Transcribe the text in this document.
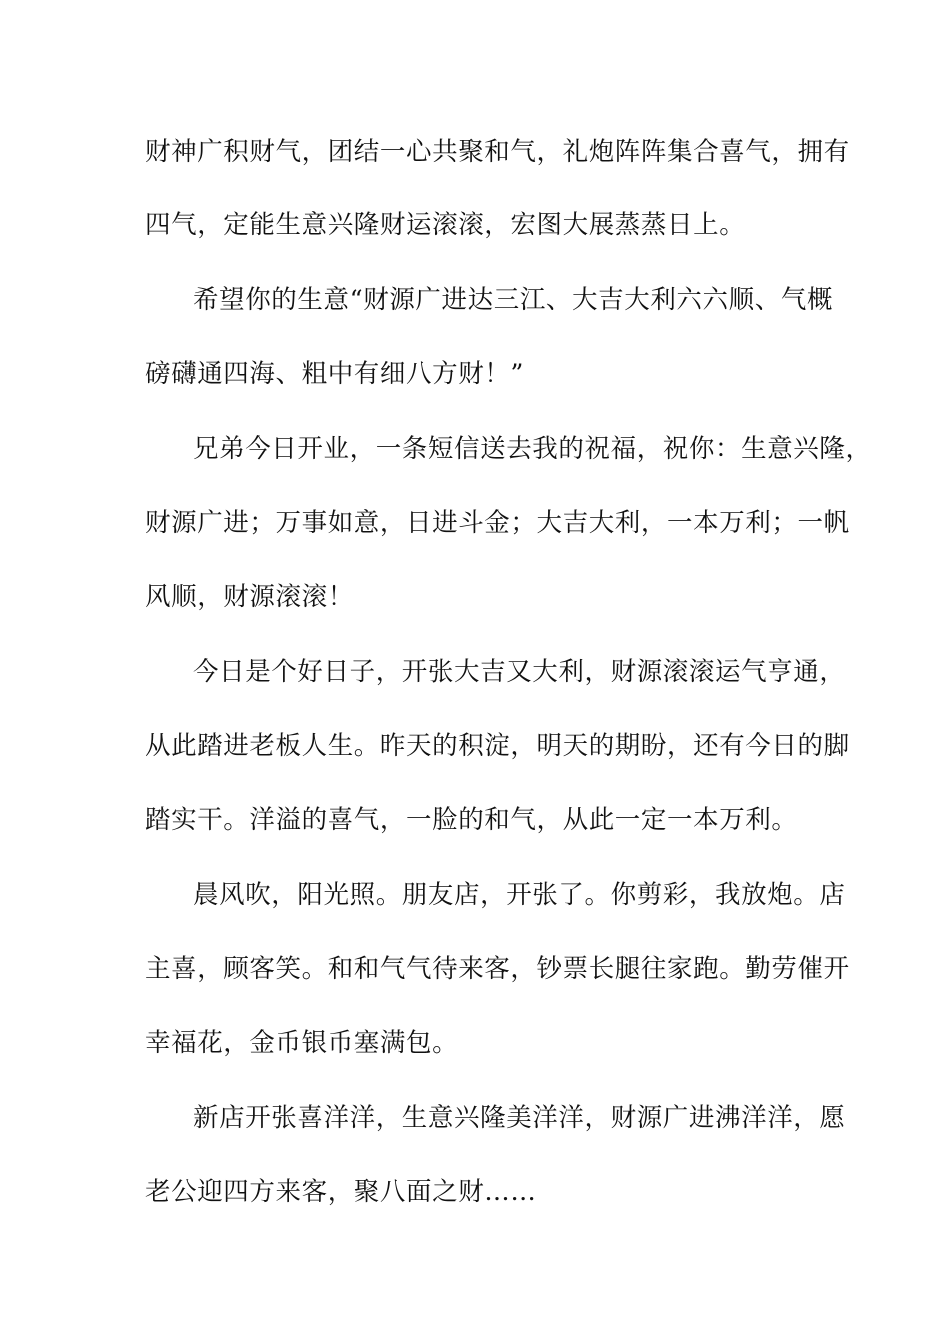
财神广积财气，团结一心共聚和气，礼炮阵阵集合喜气，拥有
四气，定能生意兴隆财运滚滚，宏图大展蒸蒸日上。
希望你的生意“财源广进达三江、大吉大利六六顺、气概
磅礴通四海、粗中有细八方财！”
兄弟今日开业，一条短信送去我的祝福，祝你：生意兴隆，
财源广进；万事如意，日进斗金；大吉大利，一本万利；一帆
风顺，财源滚滚！
今日是个好日子，开张大吉又大利，财源滚滚运气亨通，
从此踏进老板人生。昨天的积淀，明天的期盼，还有今日的脚
踏实干。洋溢的喜气，一脸的和气，从此一定一本万利。
晨风吹，阳光照。朋友店，开张了。你剪彩，我放炮。店
主喜，顾客笑。和和气气待来客，钞票长腿往家跑。勤劳催开
幸福花，金币银币塞满包。
新店开张喜洋洋，生意兴隆美洋洋，财源广进沸洋洋，愿
老公迎四方来客，聚八面之财……
